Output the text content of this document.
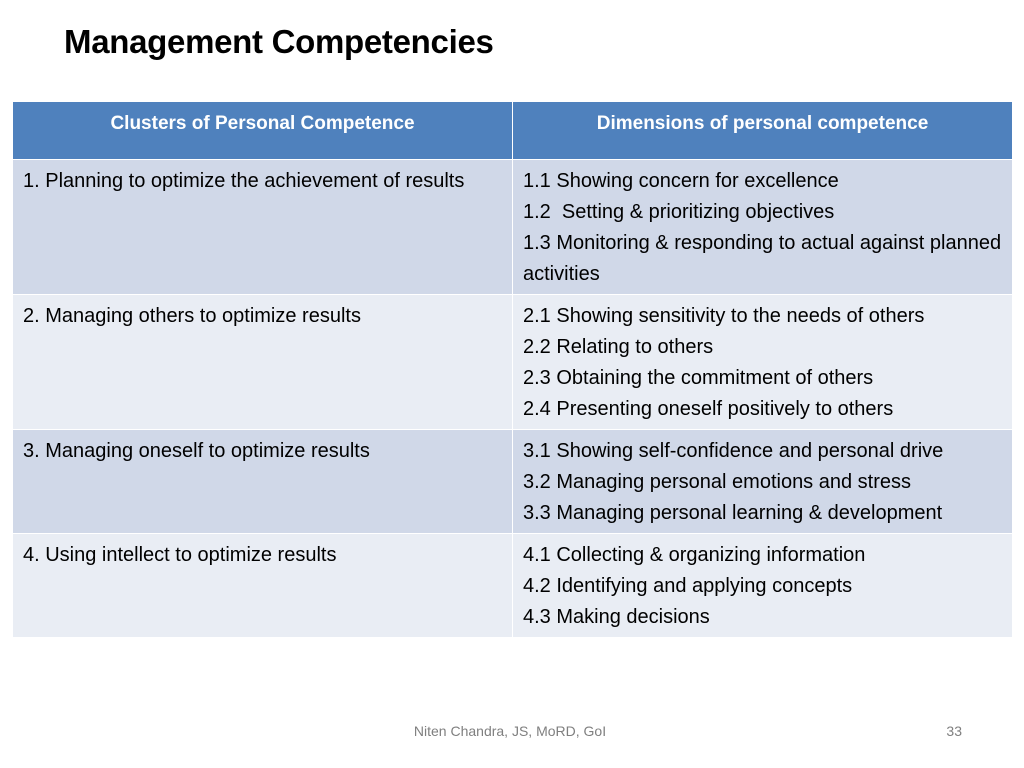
Management Competencies
Clusters of Personal Competence	Dimensions of personal competence
1. Planning to optimize the achievement of results	1.1 Showing concern for excellence
1.2  Setting & prioritizing objectives
1.3 Monitoring & responding to actual against planned activities

2. Managing others to optimize results	2.1 Showing sensitivity to the needs of others
2.2 Relating to others
2.3 Obtaining the commitment of others
2.4 Presenting oneself positively to others

3. Managing oneself to optimize results	3.1 Showing self-confidence and personal drive
3.2 Managing personal emotions and stress
3.3 Managing personal learning & development

4. Using intellect to optimize results	4.1 Collecting & organizing information
4.2 Identifying and applying concepts
4.3 Making decisions
Niten Chandra, JS, MoRD, GoI	33
